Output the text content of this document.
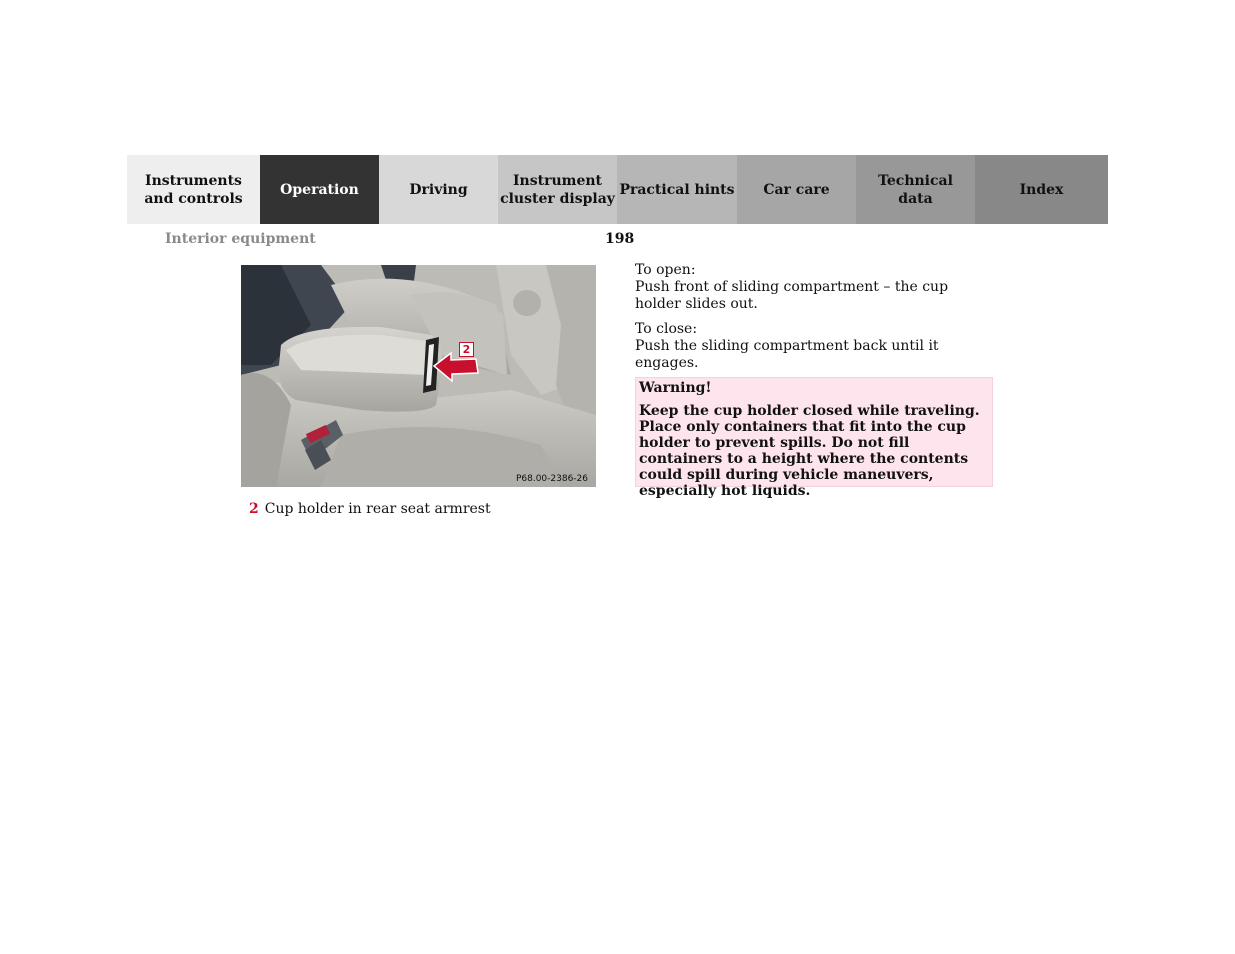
Instruments
and controls
Operation	Driving
Instrument
cluster display
Practical hints	Car care
Technical
data
Index
Interior equipment	198
2
P68.00-2386-26
2 Cup holder in rear seat armrest
To open:
Push front of sliding compartment – the cup holder slides out.
To close:
Push the sliding compartment back until it engages.
Warning!
Keep the cup holder closed while traveling. Place only containers that fit into the cup holder to prevent spills. Do not fill containers to a height where the contents could spill during vehicle maneuvers, especially hot liquids.
